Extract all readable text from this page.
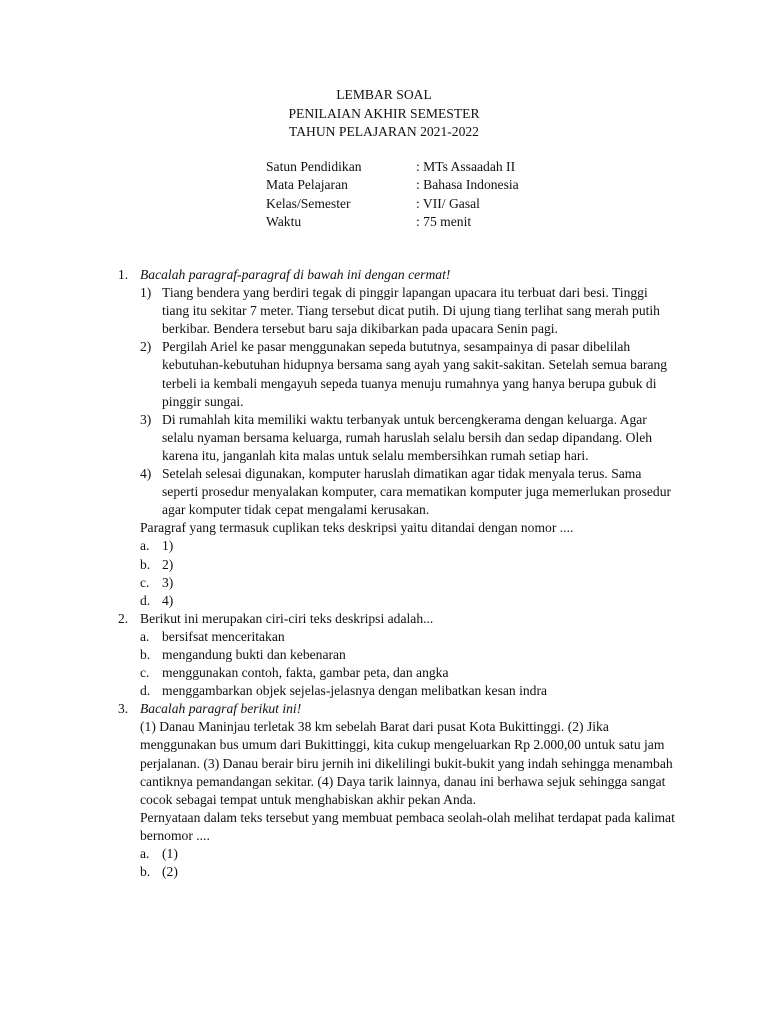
LEMBAR SOAL
PENILAIAN AKHIR SEMESTER
TAHUN PELAJARAN 2021-2022
Satun Pendidikan	: MTs Assaadah II
Mata Pelajaran	: Bahasa Indonesia
Kelas/Semester	: VII/ Gasal
Waktu	: 75 menit
1. Bacalah paragraf-paragraf di bawah ini dengan cermat!
1) Tiang bendera yang berdiri tegak di pinggir lapangan upacara itu terbuat dari besi. Tinggi tiang itu sekitar 7 meter. Tiang tersebut dicat putih. Di ujung tiang terlihat sang merah putih berkibar. Bendera tersebut baru saja dikibarkan pada upacara Senin pagi.
2) Pergilah Ariel ke pasar menggunakan sepeda bututnya, sesampainya di pasar dibelilah kebutuhan-kebutuhan hidupnya bersama sang ayah yang sakit-sakitan. Setelah semua barang terbeli ia kembali mengayuh sepeda tuanya menuju rumahnya yang hanya berupa gubuk di pinggir sungai.
3) Di rumahlah kita memiliki waktu terbanyak untuk bercengkerama dengan keluarga. Agar selalu nyaman bersama keluarga, rumah haruslah selalu bersih dan sedap dipandang. Oleh karena itu, janganlah kita malas untuk selalu membersihkan rumah setiap hari.
4) Setelah selesai digunakan, komputer haruslah dimatikan agar tidak menyala terus. Sama seperti prosedur menyalakan komputer, cara mematikan komputer juga memerlukan prosedur agar komputer tidak cepat mengalami kerusakan.
Paragraf yang termasuk cuplikan teks deskripsi yaitu ditandai dengan nomor ....
a. 1)
b. 2)
c. 3)
d. 4)
2. Berikut ini merupakan ciri-ciri teks deskripsi adalah...
a. bersifsat menceritakan
b. mengandung bukti dan kebenaran
c. menggunakan contoh, fakta, gambar peta, dan angka
d. menggambarkan objek sejelas-jelasnya dengan melibatkan kesan indra
3. Bacalah paragraf berikut ini!
(1) Danau Maninjau terletak 38 km sebelah Barat dari pusat Kota Bukittinggi. (2) Jika menggunakan bus umum dari Bukittinggi, kita cukup mengeluarkan Rp 2.000,00 untuk satu jam perjalanan. (3) Danau berair biru jernih ini dikelilingi bukit-bukit yang indah sehingga menambah cantiknya pemandangan sekitar. (4) Daya tarik lainnya, danau ini berhawa sejuk sehingga sangat cocok sebagai tempat untuk menghabiskan akhir pekan Anda.
Pernyataan dalam teks tersebut yang membuat pembaca seolah-olah melihat terdapat pada kalimat bernomor ....
a. (1)
b. (2)
